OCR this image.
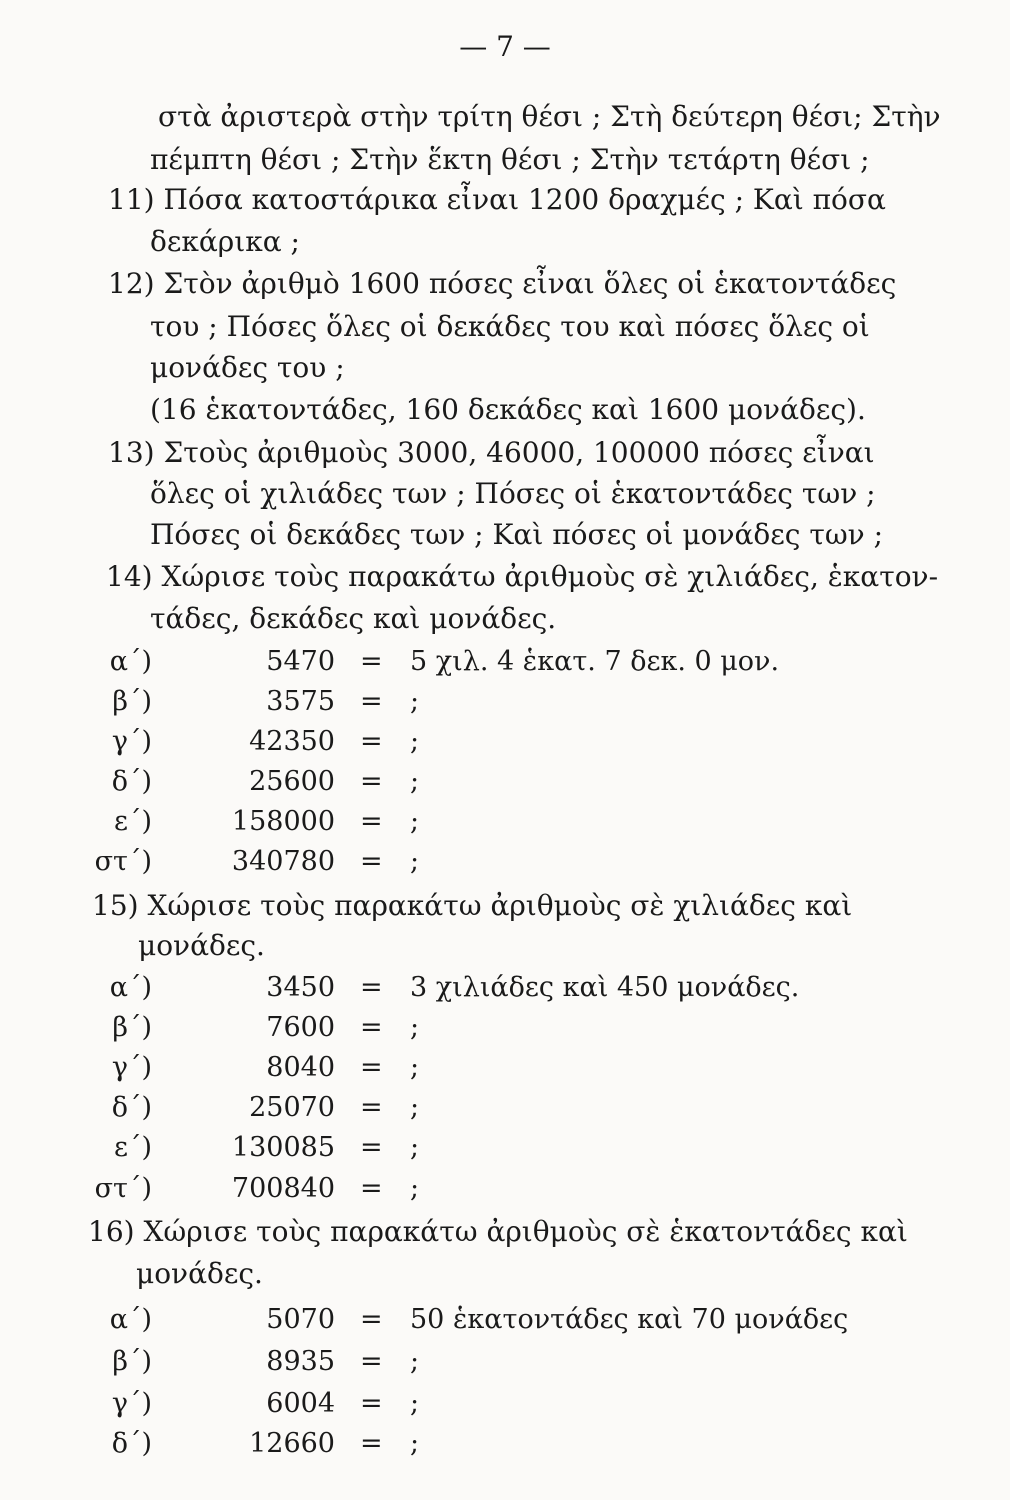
— 7 —
στὰ ἀριστερὰ στὴν τρίτη θέσι ; Στὴ δεύτερη θέσι; Στὴν
πέμπτη θέσι ; Στὴν ἕκτη θέσι ; Στὴν τετάρτη θέσι ;
11) Πόσα κατοστάρικα εἶναι 1200 δραχμές ; Καὶ πόσα
δεκάρικα ;
12) Στὸν ἀριθμὸ 1600 πόσες εἶναι ὅλες οἱ ἑκατοντάδες
του ; Πόσες ὅλες οἱ δεκάδες του καὶ πόσες ὅλες οἱ
μονάδες του ;
(16 ἑκατοντάδες, 160 δεκάδες καὶ 1600 μονάδες).
13) Στοὺς ἀριθμοὺς 3000, 46000, 100000 πόσες εἶναι
ὅλες οἱ χιλιάδες των ; Πόσες οἱ ἑκατοντάδες των ;
Πόσες οἱ δεκάδες των ; Καὶ πόσες οἱ μονάδες των ;
14) Χώρισε τοὺς παρακάτω ἀριθμοὺς σὲ χιλιάδες, ἑκατον-
τάδες, δεκάδες καὶ μονάδες.
α΄)	5470 = 5 χιλ. 4 ἑκατ. 7 δεκ. 0 μον.
β΄)	3575 = ;
γ΄)	42350 = ;
δ΄)	25600 = ;
ε΄)	158000 = ;
στ΄)	340780 = ;
15) Χώρισε τοὺς παρακάτω ἀριθμοὺς σὲ χιλιάδες καὶ
μονάδες.
α΄)	3450 = 3 χιλιάδες καὶ 450 μονάδες.
β΄)	7600 = ;
γ΄)	8040 = ;
δ΄)	25070 = ;
ε΄)	130085 = ;
στ΄)	700840 = ;
16) Χώρισε τοὺς παρακάτω ἀριθμοὺς σὲ ἑκατοντάδες καὶ
μονάδες.
α΄)	5070 = 50 ἑκατοντάδες καὶ 70 μονάδες
β΄)	8935 = ;
γ΄)	6004 = ;
δ΄)	12660 = ;
